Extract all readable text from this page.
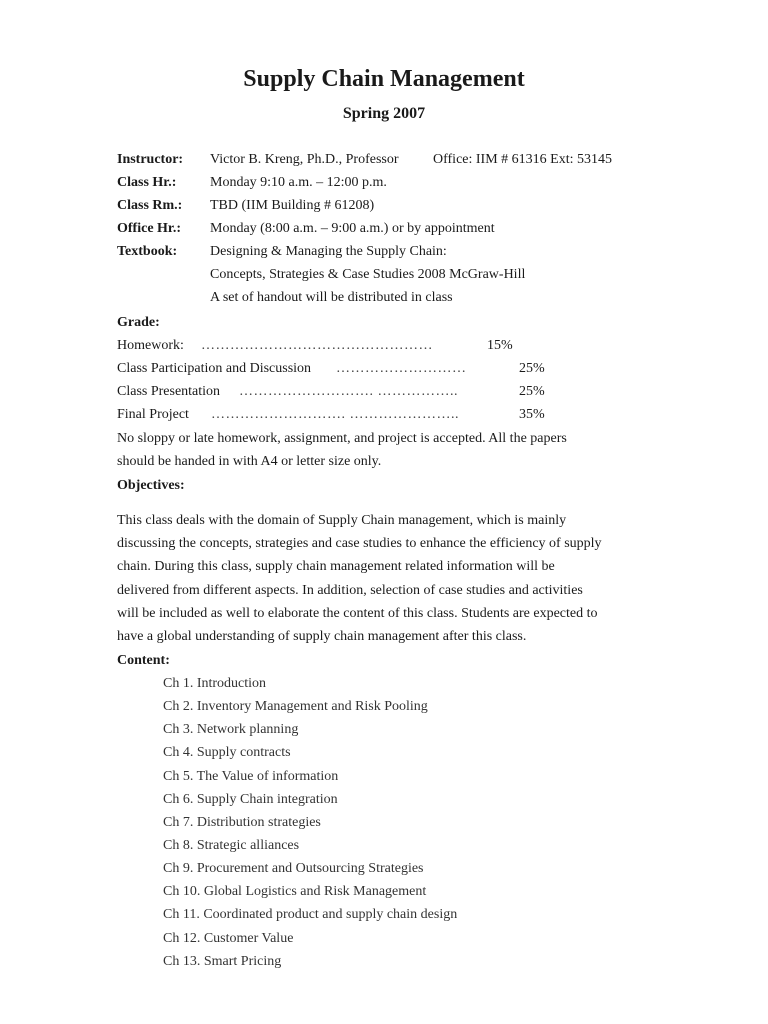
Supply Chain Management
Spring 2007
Instructor: Victor B. Kreng, Ph.D., Professor Office: IIM # 61316 Ext: 53145
Class Hr.: Monday 9:10 a.m. – 12:00 p.m.
Class Rm.: TBD (IIM Building # 61208)
Office Hr.: Monday (8:00 a.m. – 9:00 a.m.) or by appointment
Textbook: Designing & Managing the Supply Chain:
Concepts, Strategies & Case Studies 2008 McGraw-Hill
A set of handout will be distributed in class
Grade:
Homework: …………………………………………	15%
Class Participation and Discussion ………………………	25%
Class Presentation ………………………. ……………..	25%
Final Project ………………………. …………………..	35%
No sloppy or late homework, assignment, and project is accepted. All the papers
should be handed in with A4 or letter size only.
Objectives:
This class deals with the domain of Supply Chain management, which is mainly
discussing the concepts, strategies and case studies to enhance the efficiency of supply
chain. During this class, supply chain management related information will be
delivered from different aspects. In addition, selection of case studies and activities
will be included as well to elaborate the content of this class. Students are expected to
have a global understanding of supply chain management after this class.
Content:
Ch 1. Introduction
Ch 2. Inventory Management and Risk Pooling
Ch 3. Network planning
Ch 4. Supply contracts
Ch 5. The Value of information
Ch 6. Supply Chain integration
Ch 7. Distribution strategies
Ch 8. Strategic alliances
Ch 9. Procurement and Outsourcing Strategies
Ch 10. Global Logistics and Risk Management
Ch 11. Coordinated product and supply chain design
Ch 12. Customer Value
Ch 13. Smart Pricing
